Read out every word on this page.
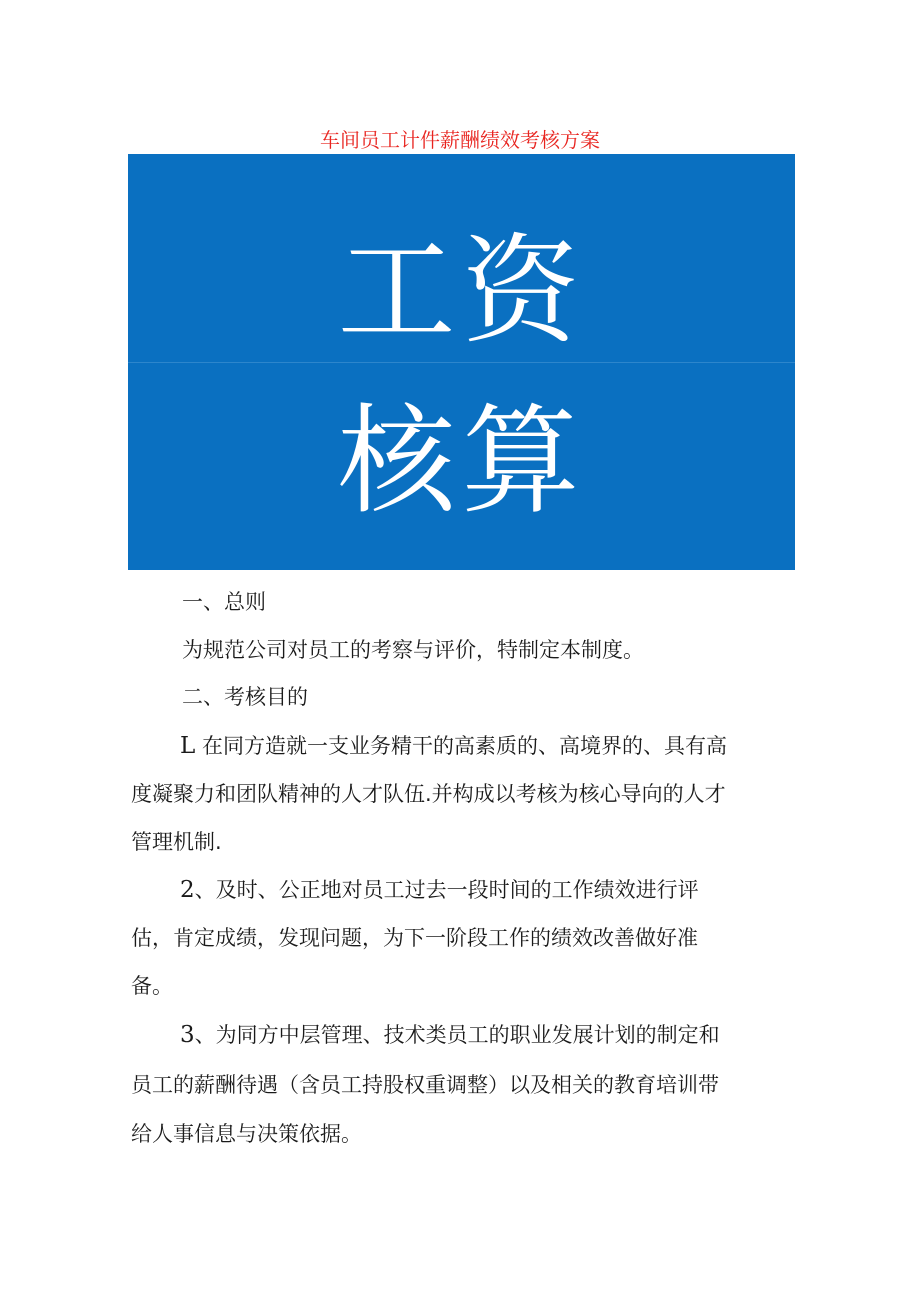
车间员工计件薪酬绩效考核方案
工资
核算
一、总则
为规范公司对员工的考察与评价，特制定本制度。
二、考核目的
L 在同方造就一支业务精干的高素质的、高境界的、具有高
度凝聚力和团队精神的人才队伍.并构成以考核为核心导向的人才
管理机制.
2、及时、公正地对员工过去一段时间的工作绩效进行评
估，肯定成绩，发现问题，为下一阶段工作的绩效改善做好准
备。
3、为同方中层管理、技术类员工的职业发展计划的制定和
员工的薪酬待遇（含员工持股权重调整）以及相关的教育培训带
给人事信息与决策依据。
